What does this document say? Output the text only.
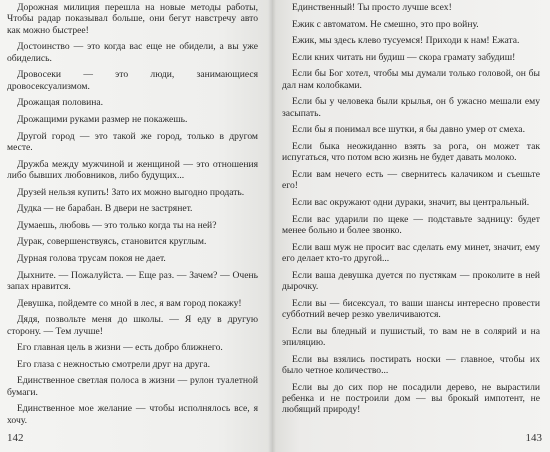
Дорожная милиция перешла на новые методы работы, Чтобы радар показывал больше, они бегут навстречу авто как можно быстрее!

Достоинство — это когда вас еще не обидели, а вы уже обиделись.

Дровосеки — это люди, занимающиеся дровосексуализмом.

Дрожащая половина.

Дрожащими руками размер не покажешь.

Другой город — это такой же город, только в другом месте.

Дружба между мужчиной и женщиной — это отношения либо бывших любовников, либо будущих...

Друзей нельзя купить! Зато их можно выгодно продать.

Дудка — не барабан. В двери не застрянет.

Думаешь, любовь — это только когда ты на ней?

Дурак, совершенствуясь, становится круглым.

Дурная голова трусам покоя не дает.

Дыхните. — Пожалуйста. — Еще раз. — Зачем? — Очень запах нравится.

Девушка, пойдемте со мной в лес, я вам город покажу!

Дядя, позвольте меня до школы. — Я еду в другую сторону. — Тем лучше!

Его главная цель в жизни — есть добро ближнего.

Его глаза с нежностью смотрели друг на друга.

Единственное светлая полоса в жизни — рулон туалетной бумаги.

Единственное мое желание — чтобы исполнялось все, я хочу.

142

Единственный! Ты просто лучше всех!

Ежик с автоматом. Не смешно, это про войну.

Ежик, мы здесь клево тусуемся! Приходи к нам! Ежата.

Если кних читать ни будиш — скора грамату забудиш!

Если бы Бог хотел, чтобы мы думали только головой, он бы дал нам колобками.

Если бы у человека были крылья, он б ужасно мешали ему засыпать.

Если бы я понимал все шутки, я бы давно умер от смеха.

Если быка неожиданно взять за рога, он может так испугаться, что потом всю жизнь не будет давать молоко.

Если вам нечего есть — свернитесь калачиком и съешьте его!

Если вас окружают одни дураки, значит, вы центральный.

Если вас ударили по щеке — подставьте задницу: будет менее больно и более звонко.

Если ваш муж не просит вас сделать ему минет, значит, ему его делает кто-то другой...

Если ваша девушка дуется по пустякам — проколите в ней дырочку.

Если вы — бисексуал, то ваши шансы интересно провести субботний вечер резко увеличиваются.

Если вы бледный и пушистый, то вам не в солярий и на эпиляцию.

Если вы взялись постирать носки — главное, чтобы их было четное количество...

Если вы до сих пор не посадили дерево, не вырастили ребенка и не построили дом — вы брокый импотент, не любящий природу!

143
